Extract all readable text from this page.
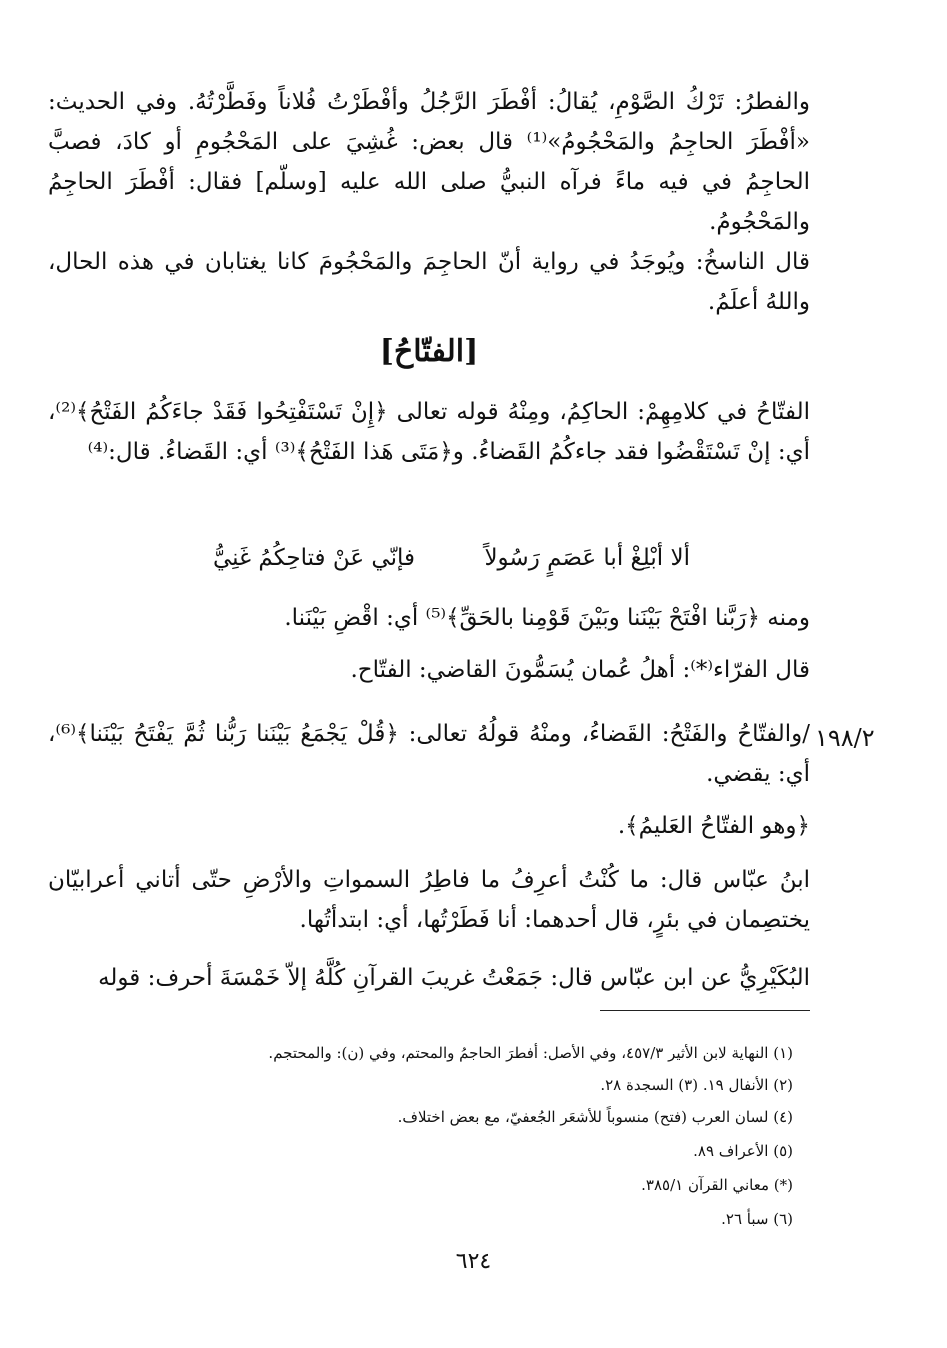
والفطرُ: تَرْكُ الصَّوْمِ، يُقالُ: أفْطَرَ الرَّجُلُ وأفْطَرْتُ فُلاناً وفَطَّرْتُهُ. وفي الحديث: «أفْطَرَ الحاجِمُ والمَحْجُومُ»⁽¹⁾ قال بعض: غُشِيَ على المَحْجُومِ أو كادَ، فصبَّ الحاجِمُ في فيه ماءً فرآه النبيُّ صلى الله عليه [وسلّم] فقال: أفْطَرَ الحاجِمُ والمَحْجُومُ.

قال الناسخُ: ويُوجَدُ في رواية أنّ الحاجِمَ والمَحْجُومَ كانا يغتابان في هذه الحال، واللهُ أعلَمُ.

[الفتّاحُ]

الفتّاحُ في كلامِهِمْ: الحاكِمُ، ومِنْهُ قوله تعالى ﴿إِنْ تَسْتَفْتِحُوا فَقَدْ جاءَكُمُ الفَتْحُ﴾⁽²⁾، أي: إنْ تَسْتَقْضُوا فقد جاءكُمُ القَضاءُ. و﴿مَتَى هَذا الفَتْحُ﴾⁽³⁾ أي: القَضاءُ. قال:⁽⁴⁾

ألا أبْلِغْ أبا عَصَمٍ رَسُولاً
فإنّي عَنْ فتاحِكُمُ غَنِيُّ

ومنه ﴿رَبَّنا افْتَحْ بَيْنَنا وبَيْنَ قَوْمِنا بالحَقِّ﴾⁽⁵⁾ أي: اقْضِ بَيْنَنا.

قال الفرّاء⁽*⁾: أهلُ عُمان يُسَمُّونَ القاضي: الفتّاح.

١٩٨/٢

/والفتّاحُ والفَتْحُ: القَضاءُ، ومنْهُ قولُهُ تعالى: ﴿قُلْ يَجْمَعُ بَيْنَنا رَبُّنا ثُمَّ يَفْتَحُ بَيْنَنا﴾⁽⁶⁾، أي: يقضي.

﴿وهو الفتّاحُ العَليمُ﴾.

ابنُ عبّاس قال: ما كُنْتُ أعرِفُ ما فاطِرُ السمواتِ والأرْضِ حتّى أتاني أعرابيّان يختصِمان في بئرٍ، قال أحدهما: أنا فَطَرْتُها، أي: ابتدأتُها.

البُكَيْرِيُّ عن ابن عبّاس قال: جَمَعْتُ غريبَ القرآنِ كُلَّهُ إلاّ خَمْسَةَ أحرف: قوله

(١) النهاية لابن الأثير ٤٥٧/٣، وفي الأصل: أفطرَ الحاجمُ والمحتم، وفي (ن): والمحتجم.
(٢) الأنفال ١٩. (٣) السجدة ٢٨.
(٤) لسان العرب (فتح) منسوباً للأشعَر الجُعفيّ، مع بعض اختلاف.
(٥) الأعراف ٨٩.
(*) معاني القرآن ٣٨٥/١.
(٦) سبأ ٢٦.
٦٢٤
